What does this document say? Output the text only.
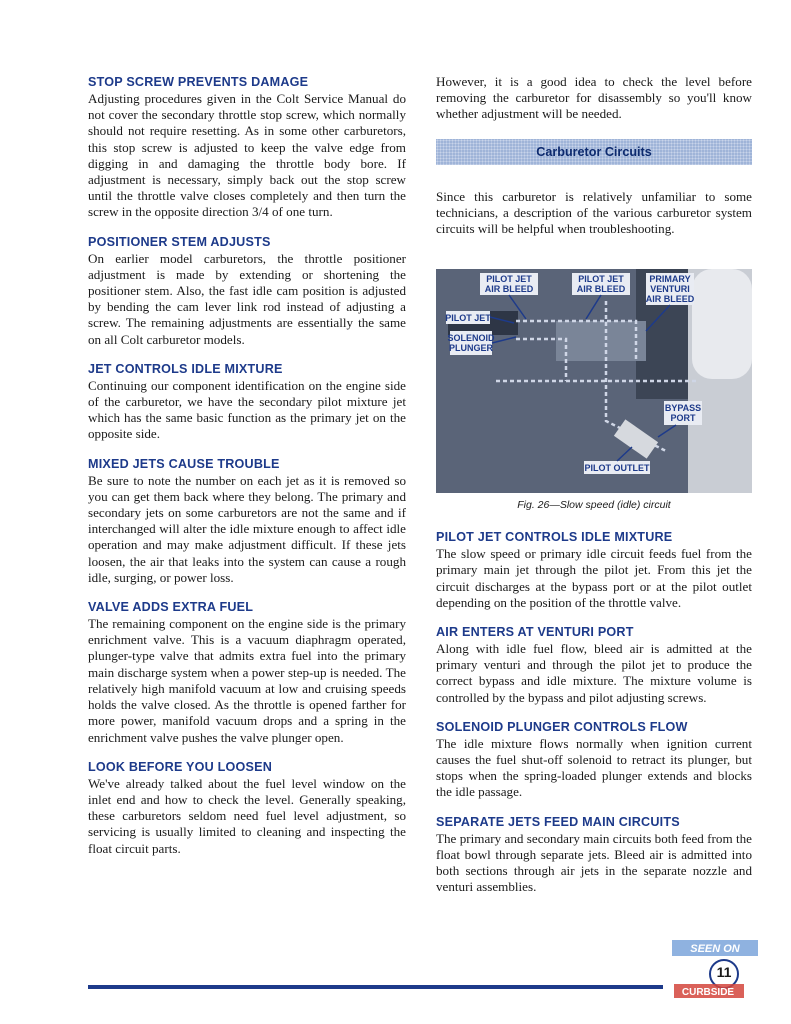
STOP SCREW PREVENTS DAMAGE

Adjusting procedures given in the Colt Service Manual do not cover the secondary throttle stop screw, which normally should not require resetting. As in some other carburetors, this stop screw is adjusted to keep the valve edge from digging in and damaging the throttle body bore. If adjustment is necessary, simply back out the stop screw until the throttle valve closes completely and then turn the screw in the opposite direction 3/4 of one turn.

POSITIONER STEM ADJUSTS

On earlier model carburetors, the throttle positioner adjustment is made by extending or shortening the positioner stem. Also, the fast idle cam position is adjusted by bending the cam lever link rod instead of adjusting a screw. The remaining adjustments are essentially the same on all Colt carburetor models.

JET CONTROLS IDLE MIXTURE

Continuing our component identification on the engine side of the carburetor, we have the secondary pilot mixture jet which has the same basic function as the primary jet on the opposite side.

MIXED JETS CAUSE TROUBLE

Be sure to note the number on each jet as it is removed so you can get them back where they belong. The primary and secondary jets on some carburetors are not the same and if interchanged will alter the idle mixture enough to affect idle operation and may make adjustment difficult. If these jets loosen, the air that leaks into the system can cause a rough idle, surging, or power loss.

VALVE ADDS EXTRA FUEL

The remaining component on the engine side is the primary enrichment valve. This is a vacuum diaphragm operated, plunger-type valve that admits extra fuel into the primary main discharge system when a power step-up is needed. The relatively high manifold vacuum at low and cruising speeds holds the valve closed. As the throttle is opened farther for more power, manifold vacuum drops and a spring in the enrichment valve pushes the valve plunger open.

LOOK BEFORE YOU LOOSEN

We've already talked about the fuel level window on the inlet end and how to check the level. Generally speaking, these carburetors seldom need fuel level adjustment, so servicing is usually limited to cleaning and inspecting the float circuit parts.

However, it is a good idea to check the level before removing the carburetor for disassembly so you'll know whether adjustment will be needed.

Carburetor Circuits

Since this carburetor is relatively unfamiliar to some technicians, a description of the various carburetor system circuits will be helpful when troubleshooting.

PILOT JET
AIR BLEED
PILOT JET
AIR BLEED
PRIMARY
VENTURI
AIR BLEED
PILOT JET
SOLENOID
PLUNGER
BYPASS
PORT
PILOT OUTLET
Fig. 26—Slow speed (idle) circuit
PILOT JET CONTROLS IDLE MIXTURE

The slow speed or primary idle circuit feeds fuel from the primary main jet through the pilot jet. From this jet the circuit discharges at the bypass port or at the pilot outlet depending on the position of the throttle valve.

AIR ENTERS AT VENTURI PORT

Along with idle fuel flow, bleed air is admitted at the primary venturi and through the pilot jet to produce the correct bypass and idle mixture. The mixture volume is controlled by the bypass and pilot adjusting screws.

SOLENOID PLUNGER CONTROLS FLOW

The idle mixture flows normally when ignition current causes the fuel shut-off solenoid to retract its plunger, but stops when the spring-loaded plunger extends and blocks the idle passage.

SEPARATE JETS FEED MAIN CIRCUITS

The primary and secondary main circuits both feed from the float bowl through separate jets. Bleed air is admitted into both sections through air jets in the separate nozzle and venturi assemblies.

SEEN ON
CURBSIDE
11
